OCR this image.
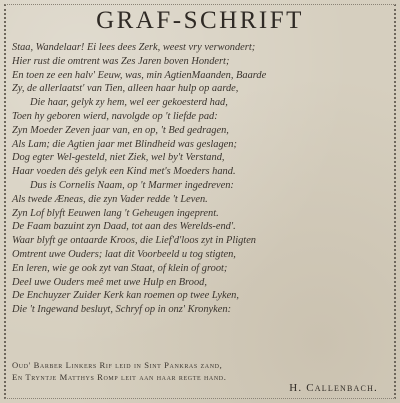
GRAF-SCHRIFT
Staa, Wandelaar! Ei lees dees Zerk, weest vry verwondert;
Hier rust die omtrent was Zes Jaren boven Hondert;
En toen ze een halv' Eeuw, was, min AgtienMaanden, Baarde
Zy, de allerlaatst' van Tien, alleen haar hulp op aarde,
Die haar, gelyk zy hem, wel eer gekoesterd had,
Toen hy geboren wierd, navolgde op 't liefde pad:
Zyn Moeder Zeven jaar van, en op, 't Bed gedragen,
Als Lam; die Agtien jaar met Blindheid was geslagen;
Dog egter Wel-gesteld, niet Ziek, wel by't Verstand,
Haar voeden dés gelyk een Kind met's Moeders hand.
Dus is Cornelis Naam, op 't Marmer ingedreven:
Als twede Æneas, die zyn Vader redde 't Leven.
Zyn Lof blyft Eeuwen lang 't Geheugen ingeprent.
De Faam bazuint zyn Daad, tot aan des Werelds-end'.
Waar blyft ge ontaarde Kroos, die Lief'd'loos zyt in Pligten
Omtrent uwe Ouders; laat dit Voorbeeld u tog stigten,
En leren, wie ge ook zyt van Staat, of klein of groot;
Deel uwe Ouders meê met uwe Hulp en Brood,
De Enchuyzer Zuider Kerk kan roemen op twee Lyken,
Die 't Ingewand besluyt, Schryf op in onz' Kronyken:
Oud' Barber Linkers Rif leid in Sint Pankras zand,
En Tryntje Matthys Romp leit aan haar regte hand.
H. Callenbach.
